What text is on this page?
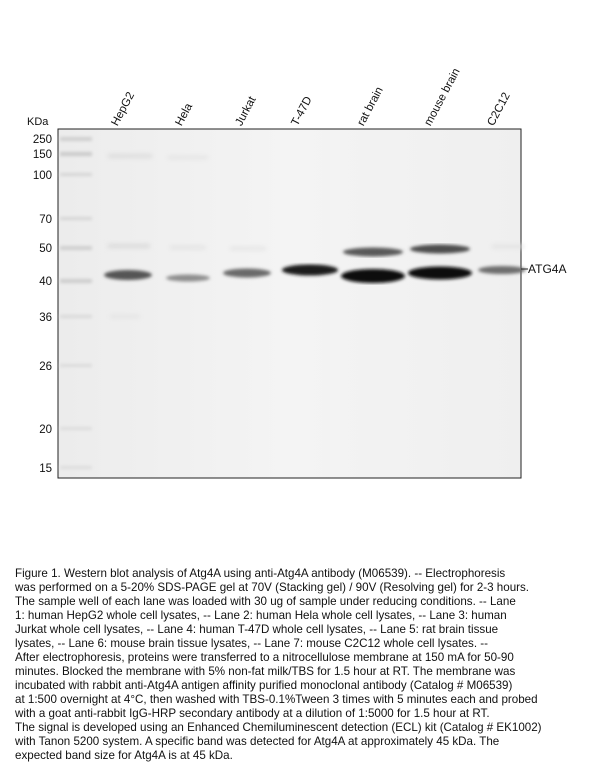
KDa
250
150
100
70
50
40
36
26
20
15
HepG2	Hela	Jurkat	T-47D	rat brain	mouse brain C2C12
ATG4A

Figure 1. Western blot analysis of Atg4A using anti-Atg4A antibody (M06539). -- Electrophoresis

was performed on a 5-20% SDS-PAGE gel at 70V (Stacking gel) / 90V (Resolving gel) for 2-3 hours.

The sample well of each lane was loaded with 30 ug of sample under reducing conditions. -- Lane

1: human HepG2 whole cell lysates, -- Lane 2: human Hela whole cell lysates, -- Lane 3: human

Jurkat whole cell lysates, -- Lane 4: human T-47D whole cell lysates, -- Lane 5: rat brain tissue

lysates, -- Lane 6: mouse brain tissue lysates, -- Lane 7: mouse C2C12 whole cell lysates. --

After electrophoresis, proteins were transferred to a nitrocellulose membrane at 150 mA for 50-90

minutes. Blocked the membrane with 5% non-fat milk/TBS for 1.5 hour at RT. The membrane was

incubated with rabbit anti-Atg4A antigen affinity purified monoclonal antibody (Catalog # M06539)

at 1:500 overnight at 4°C, then washed with TBS-0.1%Tween 3 times with 5 minutes each and probed

with a goat anti-rabbit IgG-HRP secondary antibody at a dilution of 1:5000 for 1.5 hour at RT.

The signal is developed using an Enhanced Chemiluminescent detection (ECL) kit (Catalog # EK1002)

with Tanon 5200 system. A specific band was detected for Atg4A at approximately 45 kDa. The

expected band size for Atg4A is at 45 kDa.
